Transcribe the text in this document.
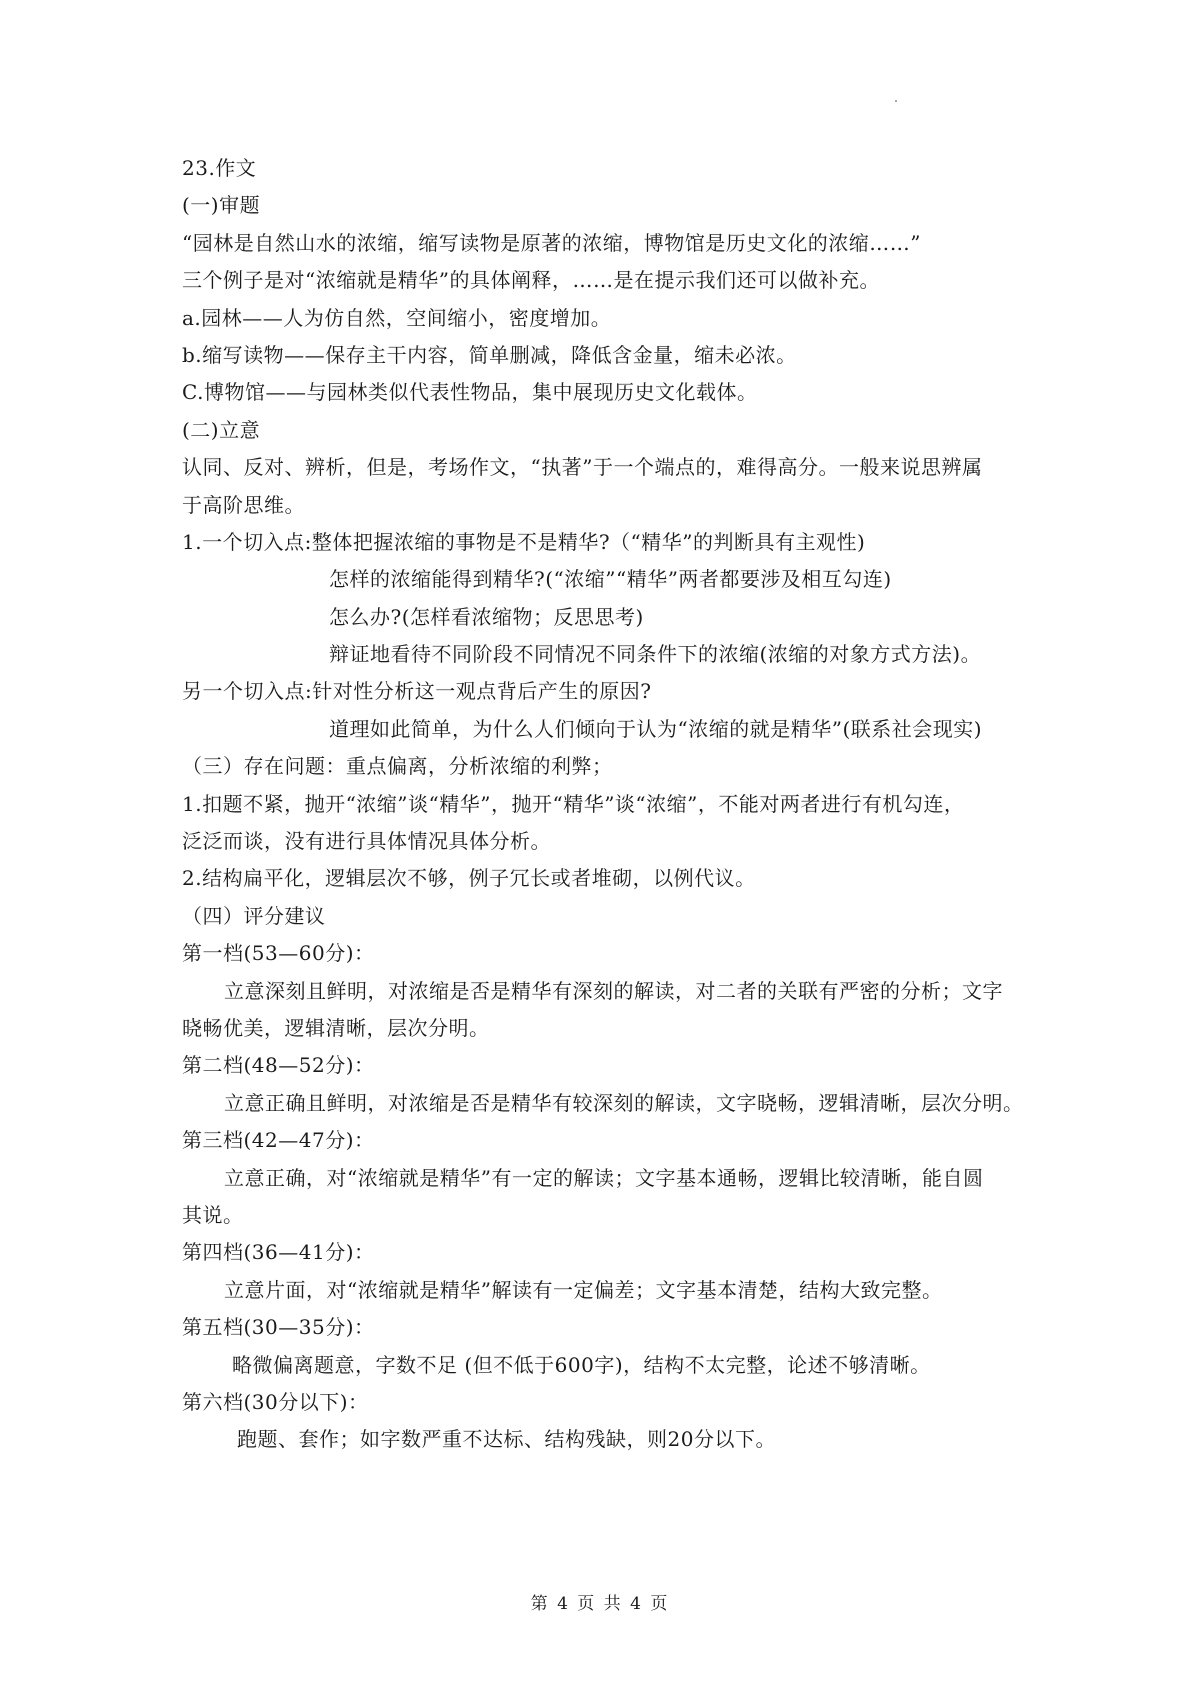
23.作文
(一)审题
“园林是自然山水的浓缩，缩写读物是原著的浓缩，博物馆是历史文化的浓缩……”
三个例子是对“浓缩就是精华”的具体阐释，……是在提示我们还可以做补充。
a.园林——人为仿自然，空间缩小，密度增加。
b.缩写读物——保存主干内容，简单删减，降低含金量，缩未必浓。
C.博物馆——与园林类似代表性物品，集中展现历史文化载体。
(二)立意
认同、反对、辨析，但是，考场作文，“执著”于一个端点的，难得高分。一般来说思辨属
于高阶思维。
1.一个切入点:整体把握浓缩的事物是不是精华?（“精华”的判断具有主观性)
怎样的浓缩能得到精华?(“浓缩”“精华”两者都要涉及相互勾连)
怎么办?(怎样看浓缩物；反思思考)
辩证地看待不同阶段不同情况不同条件下的浓缩(浓缩的对象方式方法)。
另一个切入点:针对性分析这一观点背后产生的原因?
道理如此简单，为什么人们倾向于认为“浓缩的就是精华”(联系社会现实)
（三）存在问题：重点偏离，分析浓缩的利弊；
1.扣题不紧，抛开“浓缩”谈“精华”，抛开“精华”谈“浓缩”，不能对两者进行有机勾连，
泛泛而谈，没有进行具体情况具体分析。
2.结构扁平化，逻辑层次不够，例子冗长或者堆砌，以例代议。
（四）评分建议
第一档(53—60分)：
立意深刻且鲜明，对浓缩是否是精华有深刻的解读，对二者的关联有严密的分析；文字
晓畅优美，逻辑清晰，层次分明。
第二档(48—52分)：
立意正确且鲜明，对浓缩是否是精华有较深刻的解读，文字晓畅，逻辑清晰，层次分明。
第三档(42—47分)：
立意正确，对“浓缩就是精华”有一定的解读；文字基本通畅，逻辑比较清晰，能自圆
其说。
第四档(36—41分)：
立意片面，对“浓缩就是精华”解读有一定偏差；文字基本清楚，结构大致完整。
第五档(30—35分)：
略微偏离题意，字数不足 (但不低于600字)，结构不太完整，论述不够清晰。
第六档(30分以下)：
跑题、套作；如字数严重不达标、结构残缺，则20分以下。
第 4 页 共 4 页
